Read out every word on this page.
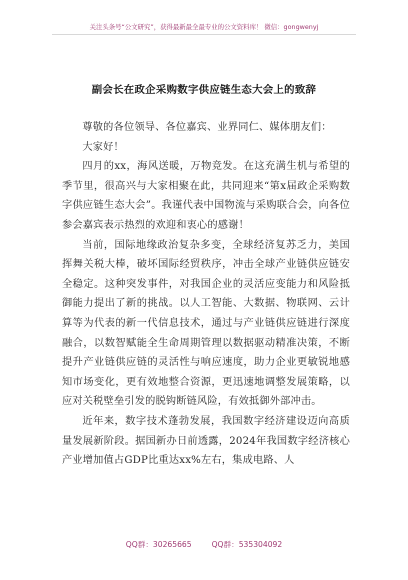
关注头条号“公文研究”，获得最新最全最专业的公文资料库！ 微信：gongwenyj
副会长在政企采购数字供应链生态大会上的致辞

尊敬的各位领导、各位嘉宾、业界同仁、媒体朋友们：

大家好！

四月的xx，海风送暖，万物竞发。在这充满生机与希望的季节里，很高兴与大家相聚在此，共同迎来“第x届政企采购数字供应链生态大会”。我谨代表中国物流与采购联合会，向各位参会嘉宾表示热烈的欢迎和衷心的感谢！

当前，国际地缘政治复杂多变，全球经济复苏乏力，美国挥舞关税大棒，破坏国际经贸秩序，冲击全球产业链供应链安全稳定。这种突发事件，对我国企业的灵活应变能力和风险抵御能力提出了新的挑战。以人工智能、大数据、物联网、云计算等为代表的新一代信息技术，通过与产业链供应链进行深度融合，以数智赋能全生命周期管理以数据驱动精准决策，不断提升产业链供应链的灵活性与响应速度，助力企业更敏锐地感知市场变化，更有效地整合资源，更迅速地调整发展策略，以应对关税壁垒引发的脱钩断链风险，有效抵御外部冲击。

近年来，数字技术蓬勃发展，我国数字经济建设迈向高质量发展新阶段。据国新办日前透露，2024年我国数字经济核心产业增加值占GDP比重达xx%左右，集成电路、人

QQ群：30265665	QQ群：535304092
